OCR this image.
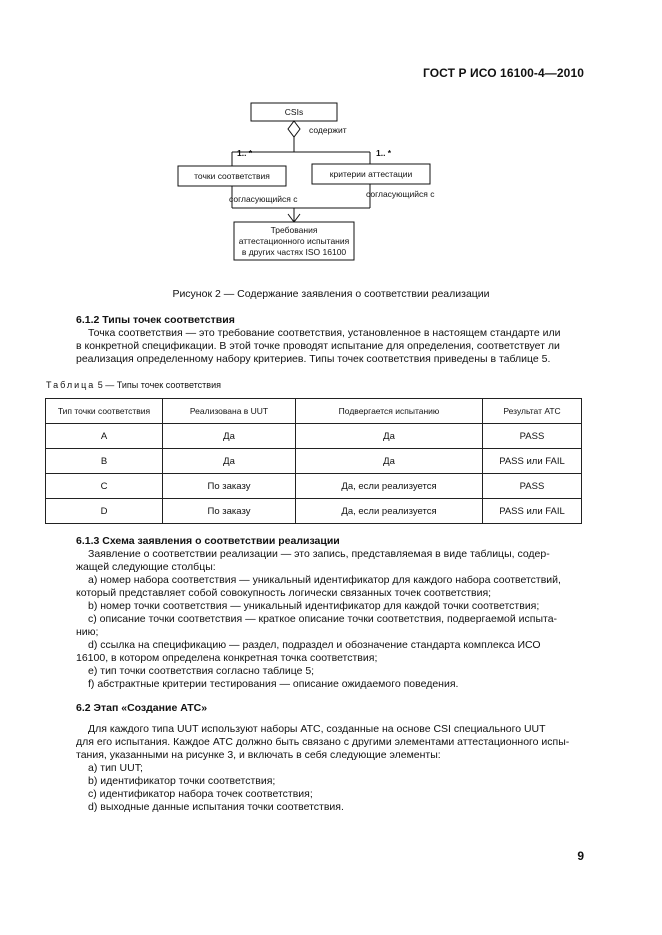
ГОСТ Р ИСО 16100-4—2010
CSIs
содержит
1.. *	1.. *
точки соответствия	критерии аттестации
согласующийся с	согласующийся с
Требования
аттестационного испытания
в других частях ISO 16100
Рисунок 2 — Содержание заявления о соответствии реализации
6.1.2 Типы точек соответствия
Точка соответствия — это требование соответствия, установленное в настоящем стандарте или
в конкретной спецификации. В этой точке проводят испытание для определения, соответствует ли
реализация определенному набору критериев. Типы точек соответствия приведены в таблице 5.
Таблица 5 — Типы точек соответствия
Тип точки соответствия	Реализована в UUT	Подвергается испытанию	Результат АТС
A	Да	Да	PASS
B	Да	Да	PASS или FAIL
C	По заказу	Да, если реализуется	PASS
D	По заказу	Да, если реализуется	PASS или FAIL
6.1.3 Схема заявления о соответствии реализации
Заявление о соответствии реализации — это запись, представляемая в виде таблицы, содер-
жащей следующие столбцы:
a) номер набора соответствия — уникальный идентификатор для каждого набора соответствий,
который представляет собой совокупность логически связанных точек соответствия;
b) номер точки соответствия — уникальный идентификатор для каждой точки соответствия;
c) описание точки соответствия — краткое описание точки соответствия, подвергаемой испыта-
нию;
d) ссылка на спецификацию — раздел, подраздел и обозначение стандарта комплекса ИСО
16100, в котором определена конкретная точка соответствия;
e) тип точки соответствия согласно таблице 5;
f) абстрактные критерии тестирования — описание ожидаемого поведения.
6.2 Этап «Создание АТС»
Для каждого типа UUT используют наборы АТС, созданные на основе CSI специального UUT
для его испытания. Каждое АТС должно быть связано с другими элементами аттестационного испы-
тания, указанными на рисунке 3, и включать в себя следующие элементы:
a) тип UUT;
b) идентификатор точки соответствия;
c) идентификатор набора точек соответствия;
d) выходные данные испытания точки соответствия.
9
